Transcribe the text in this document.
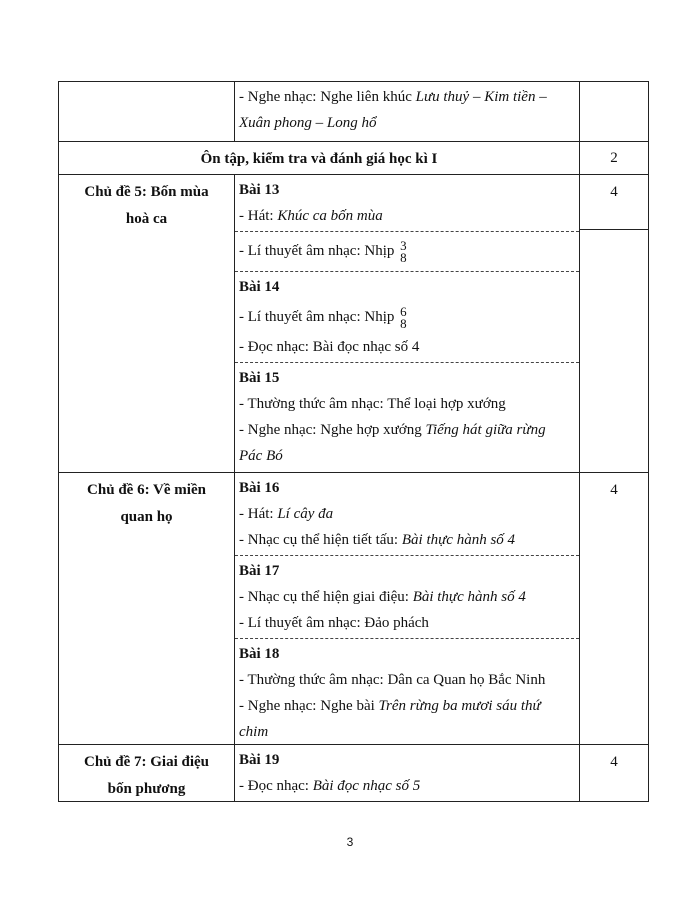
- Nghe nhạc: Nghe liên khúc Lưu thuỷ – Kim tiền –
Xuân phong – Long hổ
Ôn tập, kiểm tra và đánh giá học kì I	2
Chủ đề 5: Bốn mùa
hoà ca
Bài 13
- Hát: Khúc ca bốn mùa
- Lí thuyết âm nhạc: Nhịp 3
8
Bài 14
- Lí thuyết âm nhạc: Nhịp 6
8
- Đọc nhạc: Bài đọc nhạc số 4
Bài 15
- Thường thức âm nhạc: Thể loại hợp xướng
- Nghe nhạc: Nghe hợp xướng Tiếng hát giữa rừng
Pác Bó
4
Chủ đề 6: Về miền
quan họ
Bài 16
- Hát: Lí cây đa
- Nhạc cụ thể hiện tiết tấu: Bài thực hành số 4
Bài 17
- Nhạc cụ thể hiện giai điệu: Bài thực hành số 4
- Lí thuyết âm nhạc: Đảo phách
Bài 18
- Thường thức âm nhạc: Dân ca Quan họ Bắc Ninh
- Nghe nhạc: Nghe bài Trên rừng ba mươi sáu thứ
chim
4
Chủ đề 7: Giai điệu
bốn phương
Bài 19
- Đọc nhạc: Bài đọc nhạc số 5
4
3
